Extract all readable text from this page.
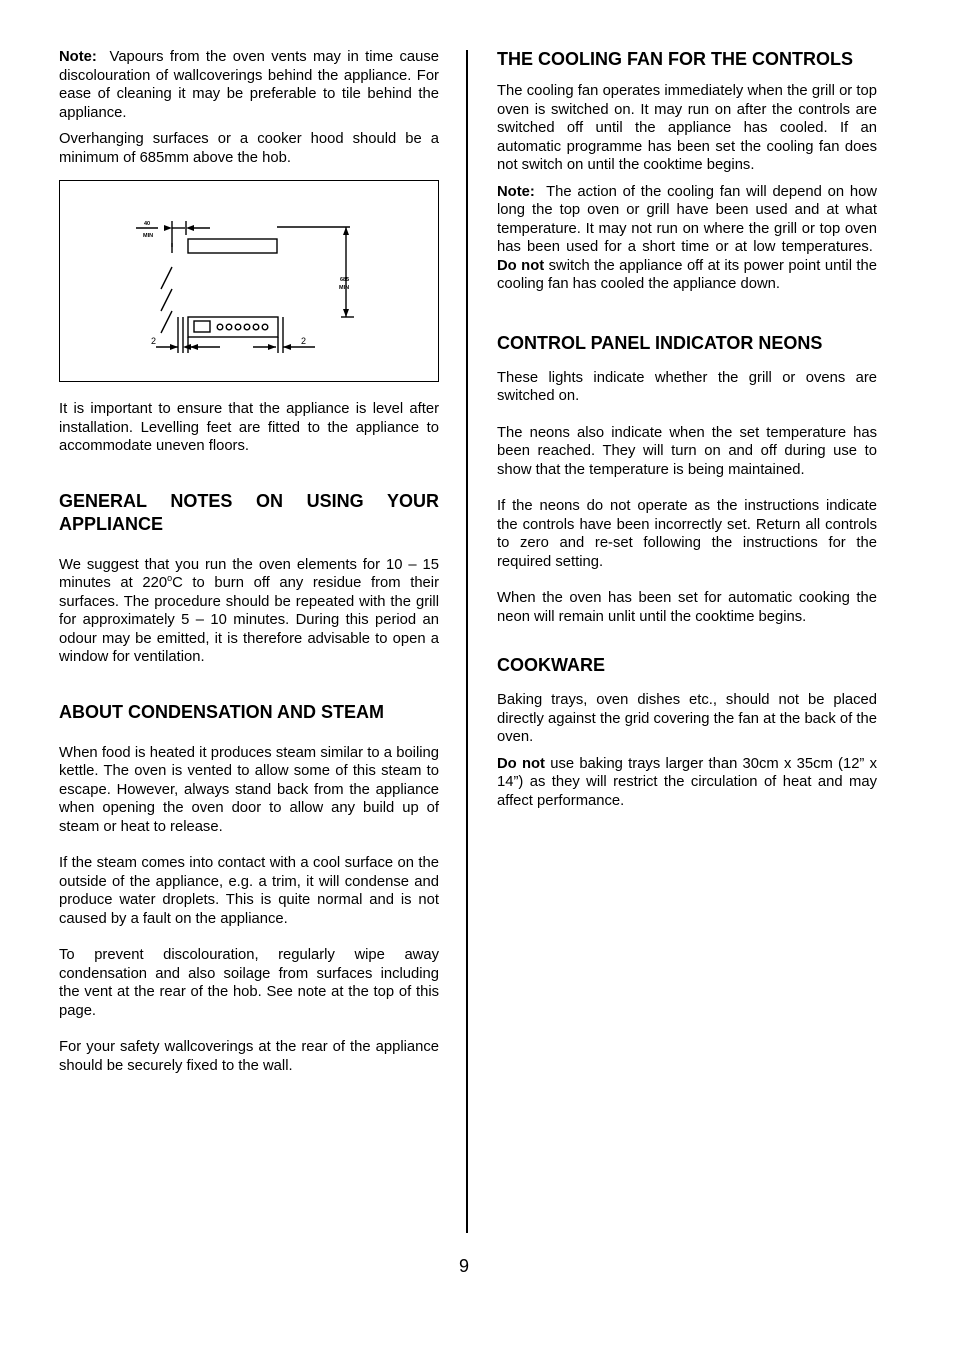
Note: Vapours from the oven vents may in time cause discolouration of wallcoverings behind the appliance. For ease of cleaning it may be preferable to tile behind the appliance.

Overhanging surfaces or a cooker hood should be a minimum of 685mm above the hob.

40
MIN
685
MIN
2	2

It is important to ensure that the appliance is level after installation. Levelling feet are fitted to the appliance to accommodate uneven floors.

GENERAL NOTES ON USING YOUR APPLIANCE

We suggest that you run the oven elements for 10 – 15 minutes at 220$^o$C to burn off any residue from their surfaces. The procedure should be repeated with the grill for approximately 5 – 10 minutes. During this period an odour may be emitted, it is therefore advisable to open a window for ventilation.

ABOUT CONDENSATION AND STEAM

When food is heated it produces steam similar to a boiling kettle. The oven is vented to allow some of this steam to escape. However, always stand back from the appliance when opening the oven door to allow any build up of steam or heat to release.

If the steam comes into contact with a cool surface on the outside of the appliance, e.g. a trim, it will condense and produce water droplets. This is quite normal and is not caused by a fault on the appliance.

To prevent discolouration, regularly wipe away condensation and also soilage from surfaces including the vent at the rear of the hob. See note at the top of this page.

For your safety wallcoverings at the rear of the appliance should be securely fixed to the wall.

THE COOLING FAN FOR THE CONTROLS

The cooling fan operates immediately when the grill or top oven is switched on. It may run on after the controls are switched off until the appliance has cooled. If an automatic programme has been set the cooling fan does not switch on until the cooktime begins.

Note: The action of the cooling fan will depend on how long the top oven or grill have been used and at what temperature. It may not run on where the grill or top oven has been used for a short time or at low temperatures.  Do not switch the appliance off at its power point until the cooling fan has cooled the appliance down.

CONTROL PANEL INDICATOR NEONS

These lights indicate whether the grill or ovens are switched on.

The neons also indicate when the set temperature has been reached. They will turn on and off during use to show that the temperature is being maintained.

If the neons do not operate as the instructions indicate the controls have been incorrectly set. Return all controls to zero and re-set following the instructions for the required setting.

When the oven has been set for automatic cooking the neon will remain unlit until the cooktime begins.

COOKWARE

Baking trays, oven dishes etc., should not be placed directly against the grid covering the fan at the back of the oven.

Do not use baking trays larger than 30cm x 35cm (12” x 14”) as they will restrict the circulation of heat and may affect performance.

9
